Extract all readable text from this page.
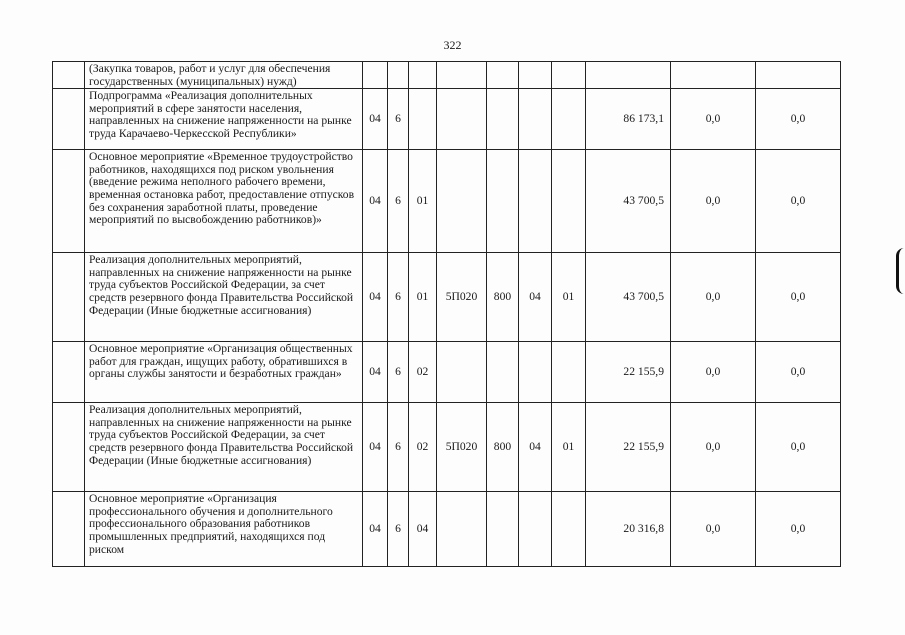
322
	(Закупка товаров, работ и услуг для обеспечения государственных (муниципальных) нужд)										
	Подпрограмма «Реализация дополнительных мероприятий в сфере занятости населения, направленных на снижение напряженности на рынке труда Карачаево-Черкесской Республики»	04	6						86 173,1	0,0	0,0
	Основное мероприятие «Временное трудоустройство работников, находящихся под риском увольнения (введение режима неполного рабочего времени, временная остановка работ, предоставление отпусков без сохранения заработной платы, проведение мероприятий по высвобождению работников)»	04	6	01					43 700,5	0,0	0,0
	Реализация дополнительных мероприятий, направленных на снижение напряженности на рынке труда субъектов Российской Федерации, за счет средств резервного фонда Правительства Российской Федерации (Иные бюджетные ассигнования)	04	6	01	5П020	800	04	01	43 700,5	0,0	0,0
	Основное мероприятие «Организация общественных работ для граждан, ищущих работу, обратившихся в органы службы занятости и безработных граждан»	04	6	02					22 155,9	0,0	0,0
	Реализация дополнительных мероприятий, направленных на снижение напряженности на рынке труда субъектов Российской Федерации, за счет средств резервного фонда Правительства Российской Федерации (Иные бюджетные ассигнования)	04	6	02	5П020	800	04	01	22 155,9	0,0	0,0
	Основное мероприятие «Организация профессионального обучения и дополнительного профессионального образования работников промышленных предприятий, находящихся под риском	04	6	04					20 316,8	0,0	0,0
